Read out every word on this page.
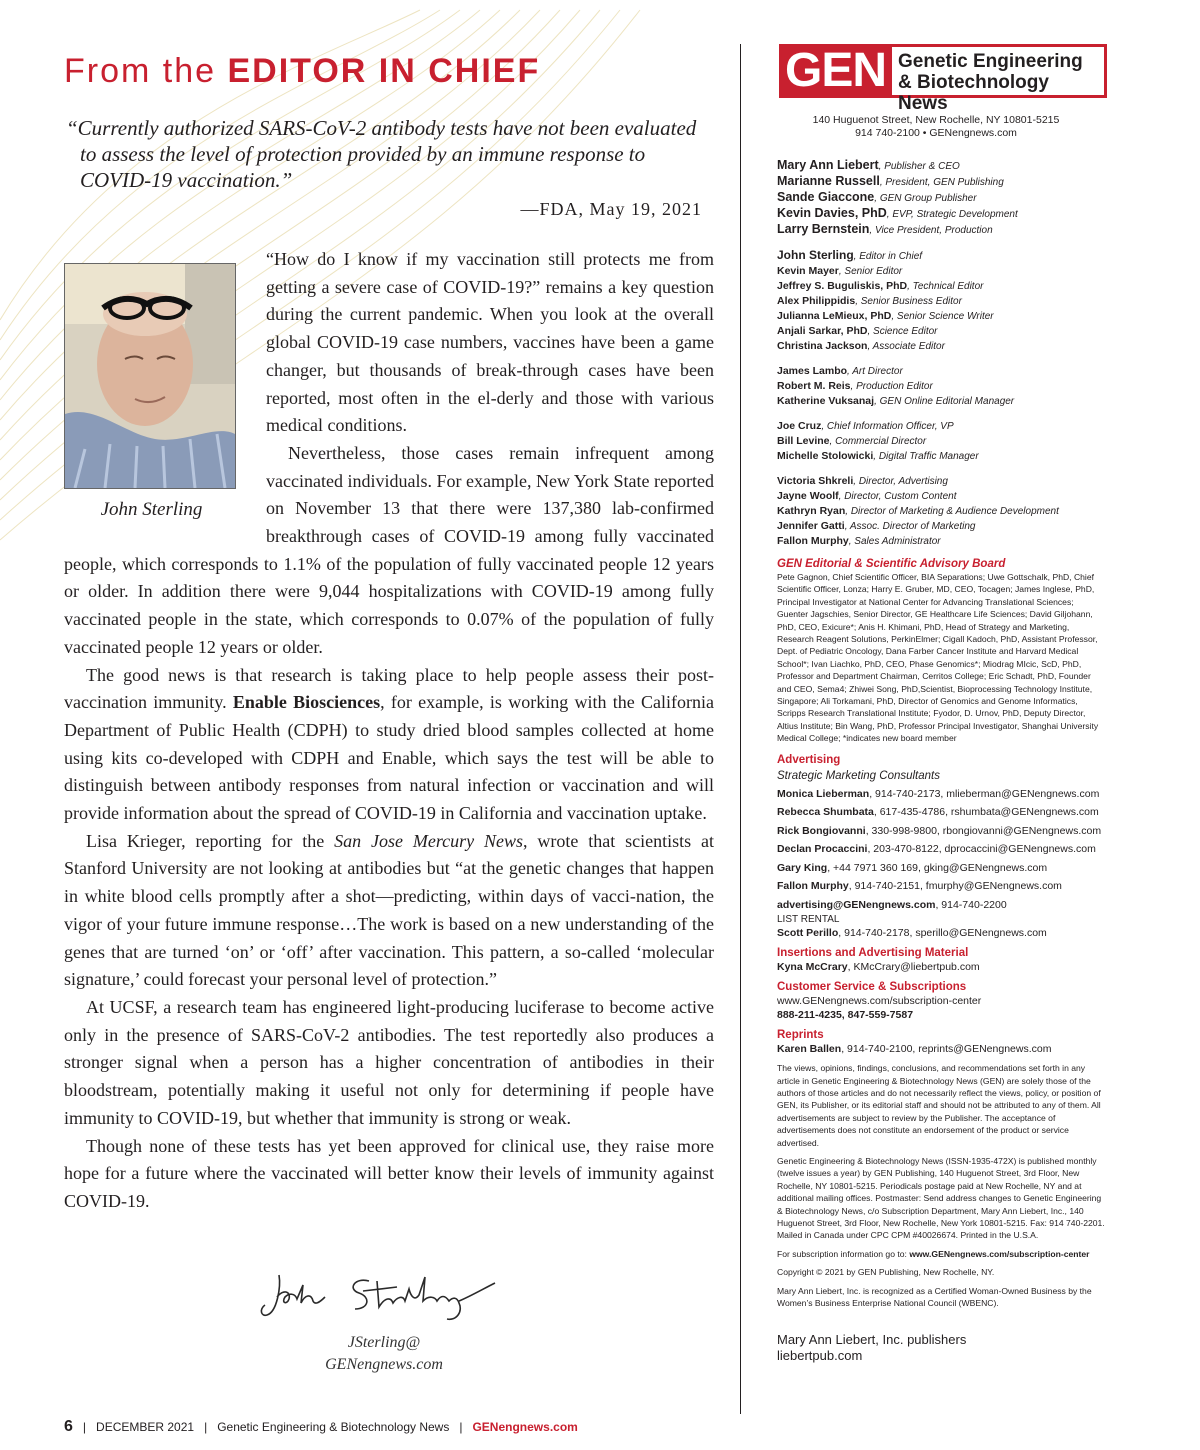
From the EDITOR IN CHIEF
“Currently authorized SARS-CoV-2 antibody tests have not been evaluated to assess the level of protection provided by an immune response to COVID-19 vaccination.”
—FDA, May 19, 2021
John Sterling

“How do I know if my vaccination still protects me from getting a severe case of COVID-19?” remains a key question during the current pandemic. When you look at the overall global COVID-19 case numbers, vaccines have been a game changer, but thousands of break-through cases have been reported, most often in the el-derly and those with various medical conditions.

Nevertheless, those cases remain infrequent among vaccinated individuals. For example, New York State reported on November 13 that there were 137,380 lab-confirmed breakthrough cases of COVID-19 among fully vaccinated people, which corresponds to 1.1% of the population of fully vaccinated people 12 years or older. In addition there were 9,044 hospitalizations with COVID-19 among fully vaccinated people in the state, which corresponds to 0.07% of the population of fully vaccinated people 12 years or older.

The good news is that research is taking place to help people assess their post-vaccination immunity. Enable Biosciences, for example, is working with the California Department of Public Health (CDPH) to study dried blood samples collected at home using kits co-developed with CDPH and Enable, which says the test will be able to distinguish between antibody responses from natural infection or vaccination and will provide information about the spread of COVID-19 in California and vaccination uptake.

Lisa Krieger, reporting for the San Jose Mercury News, wrote that scientists at Stanford University are not looking at antibodies but “at the genetic changes that happen in white blood cells promptly after a shot—predicting, within days of vacci-nation, the vigor of your future immune response…The work is based on a new understanding of the genes that are turned ‘on’ or ‘off’ after vaccination. This pattern, a so-called ‘molecular signature,’ could forecast your personal level of protection.”

At UCSF, a research team has engineered light-producing luciferase to become active only in the presence of SARS-CoV-2 antibodies. The test reportedly also produces a stronger signal when a person has a higher concentration of antibodies in their bloodstream, potentially making it useful not only for determining if people have immunity to COVID-19, but whether that immunity is strong or weak.

Though none of these tests has yet been approved for clinical use, they raise more hope for a future where the vaccinated will better know their levels of immunity against COVID-19.

JSterling@
GENengnews.com
GEN Genetic Engineering
& Biotechnology News
140 Huguenot Street, New Rochelle, NY 10801-5215
914 740-2100 • GENengnews.com
Mary Ann Liebert, Publisher & CEO
Marianne Russell, President, GEN Publishing
Sande Giaccone, GEN Group Publisher
Kevin Davies, PhD, EVP, Strategic Development
Larry Bernstein, Vice President, Production
John Sterling, Editor in Chief
Kevin Mayer, Senior Editor
Jeffrey S. Buguliskis, PhD, Technical Editor
Alex Philippidis, Senior Business Editor
Julianna LeMieux, PhD, Senior Science Writer
Anjali Sarkar, PhD, Science Editor
Christina Jackson, Associate Editor
James Lambo, Art Director
Robert M. Reis, Production Editor
Katherine Vuksanaj, GEN Online Editorial Manager
Joe Cruz, Chief Information Officer, VP
Bill Levine, Commercial Director
Michelle Stolowicki, Digital Traffic Manager
Victoria Shkreli, Director, Advertising
Jayne Woolf, Director, Custom Content
Kathryn Ryan, Director of Marketing & Audience Development
Jennifer Gatti, Assoc. Director of Marketing
Fallon Murphy, Sales Administrator
GEN Editorial & Scientific Advisory Board
Pete Gagnon, Chief Scientific Officer, BIA Separations; Uwe Gottschalk, PhD, Chief Scientific Officer, Lonza; Harry E. Gruber, MD, CEO, Tocagen; James Inglese, PhD, Principal Investigator at National Center for Advancing Translational Sciences; Guenter Jagschies, Senior Director, GE Healthcare Life Sciences; David Giljohann, PhD, CEO, Exicure*; Anis H. Khimani, PhD, Head of Strategy and Marketing, Research Reagent Solutions, PerkinElmer; Cigall Kadoch, PhD, Assistant Professor, Dept. of Pediatric Oncology, Dana Farber Cancer Institute and Harvard Medical School*; Ivan Liachko, PhD, CEO, Phase Genomics*; Miodrag MIcic, ScD, PhD, Professor and Department Chairman, Cerritos College; Eric Schadt, PhD, Founder and CEO, Sema4; Zhiwei Song, PhD,Scientist, Bioprocessing Technology Institute, Singapore; Ali Torkamani, PhD, Director of Genomics and Genome Informatics, Scripps Research Translational Institute; Fyodor, D. Urnov, PhD, Deputy Director, Altius Institute; Bin Wang, PhD, Professor Principal Investigator, Shanghai University Medical College; *indicates new board member
Advertising
Strategic Marketing Consultants
Monica Lieberman, 914-740-2173, mlieberman@GENengnews.com
Rebecca Shumbata, 617-435-4786, rshumbata@GENengnews.com
Rick Bongiovanni, 330-998-9800, rbongiovanni@GENengnews.com
Declan Procaccini, 203-470-8122, dprocaccini@GENengnews.com
Gary King, +44 7971 360 169, gking@GENengnews.com
Fallon Murphy, 914-740-2151, fmurphy@GENengnews.com
advertising@GENengnews.com, 914-740-2200
LIST RENTAL
Scott Perillo, 914-740-2178, sperillo@GENengnews.com
Insertions and Advertising Material
Kyna McCrary, KMcCrary@liebertpub.com
Customer Service & Subscriptions
www.GENengnews.com/subscription-center
888-211-4235, 847-559-7587
Reprints
Karen Ballen, 914-740-2100, reprints@GENengnews.com
The views, opinions, findings, conclusions, and recommendations set forth in any article in Genetic Engineering & Biotechnology News (GEN) are solely those of the authors of those articles and do not necessarily reflect the views, policy, or position of GEN, its Publisher, or its editorial staff and should not be attributed to any of them. All advertisements are subject to review by the Publisher. The acceptance of advertisements does not constitute an endorsement of the product or service advertised.
Genetic Engineering & Biotechnology News (ISSN-1935-472X) is published monthly (twelve issues a year) by GEN Publishing, 140 Huguenot Street, 3rd Floor, New Rochelle, NY 10801-5215. Periodicals postage paid at New Rochelle, NY and at additional mailing offices. Postmaster: Send address changes to Genetic Engineering & Biotechnology News, c/o Subscription Department, Mary Ann Liebert, Inc., 140 Huguenot Street, 3rd Floor, New Rochelle, New York 10801-5215. Fax: 914 740-2201. Mailed in Canada under CPC CPM #40026674. Printed in the U.S.A.
For subscription information go to: www.GENengnews.com/subscription-center
Copyright © 2021 by GEN Publishing, New Rochelle, NY.
Mary Ann Liebert, Inc. is recognized as a Certified Woman-Owned Business by the Women’s Business Enterprise National Council (WBENC).
Mary Ann Liebert, Inc. publishers
liebertpub.com
6 | DECEMBER 2021 | Genetic Engineering & Biotechnology News | GENengnews.com
